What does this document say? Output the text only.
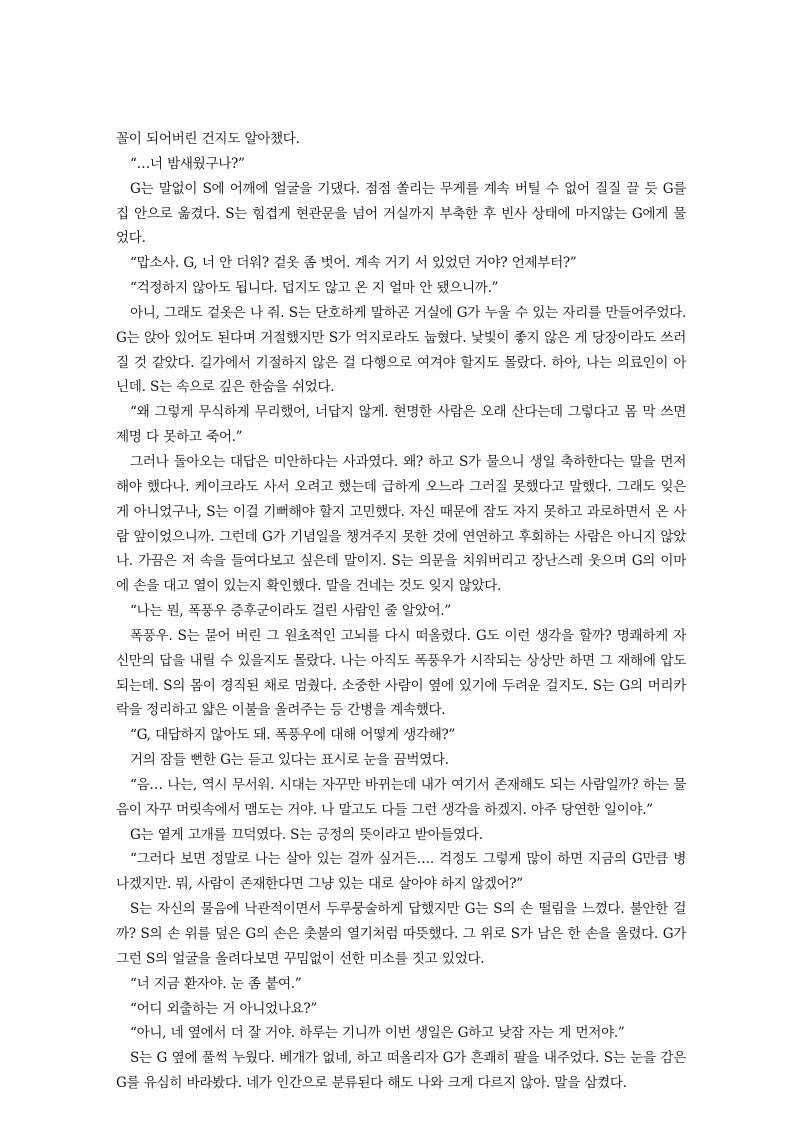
꼴이 되어버린 건지도 알아챘다.

“…너 밤새웠구나?”

G는 말없이 S에 어깨에 얼굴을 기댔다. 점점 쏠리는 무게를 계속 버틸 수 없어 질질 끌 듯 G를 집 안으로 옮겼다. S는 힘겹게 현관문을 넘어 거실까지 부축한 후 빈사 상태에 마지않는 G에게 물었다.

“맙소사. G, 너 안 더워? 겉옷 좀 벗어. 계속 거기 서 있었던 거야? 언제부터?”

“걱정하지 않아도 됩니다. 덥지도 않고 온 지 얼마 안 됐으니까.”

아니, 그래도 겉옷은 나 줘. S는 단호하게 말하곤 거실에 G가 누울 수 있는 자리를 만들어주었다. G는 앉아 있어도 된다며 거절했지만 S가 억지로라도 눕혔다. 낯빛이 좋지 않은 게 당장이라도 쓰러질 것 같았다. 길가에서 기절하지 않은 걸 다행으로 여겨야 할지도 몰랐다. 하아, 나는 의료인이 아닌데. S는 속으로 깊은 한숨을 쉬었다.

“왜 그렇게 무식하게 무리했어, 너답지 않게. 현명한 사람은 오래 산다는데 그렇다고 몸 막 쓰면 제명 다 못하고 죽어.”

그러나 돌아오는 대답은 미안하다는 사과였다. 왜? 하고 S가 물으니 생일 축하한다는 말을 먼저 해야 했다나. 케이크라도 사서 오려고 했는데 급하게 오느라 그러질 못했다고 말했다. 그래도 잊은 게 아니었구나, S는 이걸 기뻐해야 할지 고민했다. 자신 때문에 잠도 자지 못하고 과로하면서 온 사람 앞이었으니까. 그런데 G가 기념일을 챙겨주지 못한 것에 연연하고 후회하는 사람은 아니지 않았나. 가끔은 저 속을 들여다보고 싶은데 말이지. S는 의문을 치워버리고 장난스레 웃으며 G의 이마에 손을 대고 열이 있는지 확인했다. 말을 건네는 것도 잊지 않았다.

“나는 뭔, 폭풍우 증후군이라도 걸린 사람인 줄 알았어.”

폭풍우. S는 묻어 버린 그 원초적인 고뇌를 다시 떠올렸다. G도 이런 생각을 할까? 명쾌하게 자신만의 답을 내릴 수 있을지도 몰랐다. 나는 아직도 폭풍우가 시작되는 상상만 하면 그 재해에 압도되는데. S의 몸이 경직된 채로 멈췄다. 소중한 사람이 옆에 있기에 두려운 걸지도. S는 G의 머리카락을 정리하고 얇은 이불을 올려주는 등 간병을 계속했다.

“G, 대답하지 않아도 돼. 폭풍우에 대해 어떻게 생각해?”

거의 잠들 뻔한 G는 듣고 있다는 표시로 눈을 끔벅였다.

“음… 나는, 역시 무서워. 시대는 자꾸만 바뀌는데 내가 여기서 존재해도 되는 사람일까? 하는 물음이 자꾸 머릿속에서 맴도는 거야. 나 말고도 다들 그런 생각을 하겠지. 아주 당연한 일이야.”

G는 옅게 고개를 끄덕였다. S는 긍정의 뜻이라고 받아들였다.

“그러다 보면 정말로 나는 살아 있는 걸까 싶거든…. 걱정도 그렇게 많이 하면 지금의 G만큼 병나겠지만. 뭐, 사람이 존재한다면 그냥 있는 대로 살아야 하지 않겠어?”

S는 자신의 물음에 낙관적이면서 두루뭉술하게 답했지만 G는 S의 손 떨림을 느꼈다. 불안한 걸까? S의 손 위를 덮은 G의 손은 촛불의 열기처럼 따뜻했다. 그 위로 S가 남은 한 손을 올렸다. G가 그런 S의 얼굴을 올려다보면 꾸밈없이 선한 미소를 짓고 있었다.

“너 지금 환자야. 눈 좀 붙여.”

“어디 외출하는 거 아니었나요?”

“아니, 네 옆에서 더 잘 거야. 하루는 기니까 이번 생일은 G하고 낮잠 자는 게 먼저야.”

S는 G 옆에 풀썩 누웠다. 베개가 없네, 하고 떠올리자 G가 흔쾌히 팔을 내주었다. S는 눈을 감은 G를 유심히 바라봤다. 네가 인간으로 분류된다 해도 나와 크게 다르지 않아. 말을 삼켰다.
